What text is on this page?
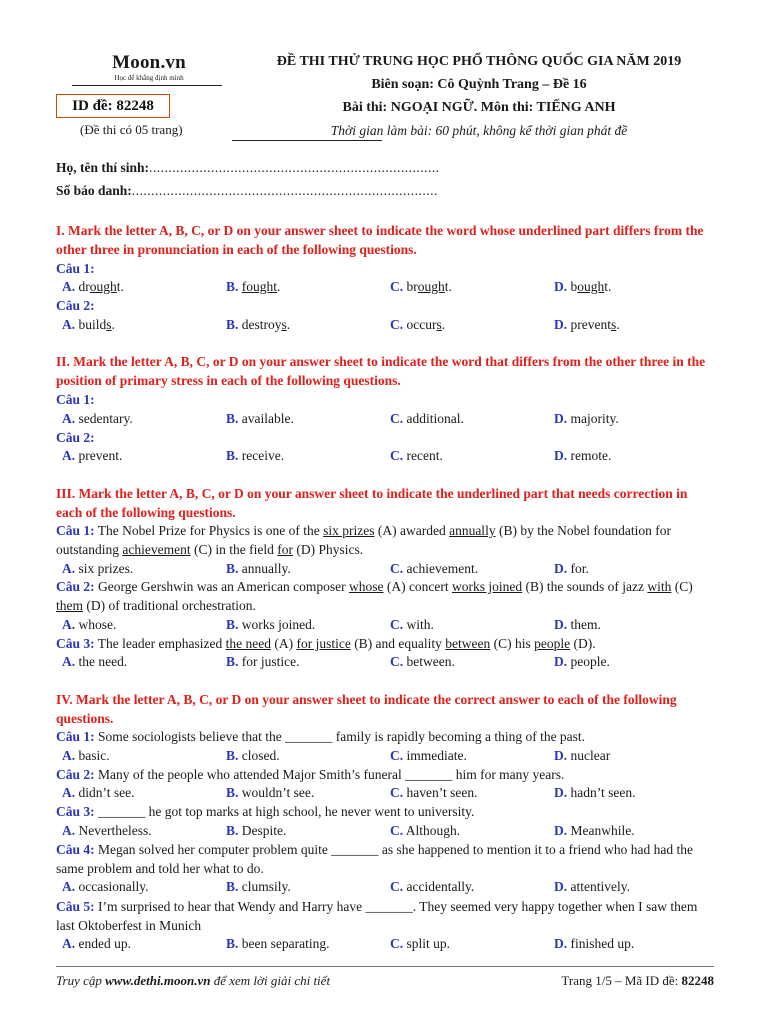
Moon.vn
Học để khẳng định mình
ID đề: 82248
(Đề thi có 05 trang)
ĐỀ THI THỬ TRUNG HỌC PHỔ THÔNG QUỐC GIA NĂM 2019
Biên soạn: Cô Quỳnh Trang – Đề 16
Bài thi: NGOẠI NGỮ. Môn thi: TIẾNG ANH
Thời gian làm bài: 60 phút, không kể thời gian phát đề
Họ, tên thí sinh:...........................................................................
Số báo danh:...............................................................................
I. Mark the letter A, B, C, or D on your answer sheet to indicate the word whose underlined part differs from the other three in pronunciation in each of the following questions.
Câu 1:
A. drought.	B. fought.	C. brought.	D. bought.
Câu 2:
A. builds.	B. destroys.	C. occurs.	D. prevents.
II. Mark the letter A, B, C, or D on your answer sheet to indicate the word that differs from the other three in the position of primary stress in each of the following questions.
Câu 1:
A. sedentary.	B. available.	C. additional.	D. majority.
Câu 2:
A. prevent.	B. receive.	C. recent.	D. remote.
III. Mark the letter A, B, C, or D on your answer sheet to indicate the underlined part that needs correction in each of the following questions.
Câu 1: The Nobel Prize for Physics is one of the six prizes (A) awarded annually (B) by the Nobel foundation for outstanding achievement (C) in the field for (D) Physics.
A. six prizes.	B. annually.	C. achievement.	D. for.
Câu 2: George Gershwin was an American composer whose (A) concert works joined (B) the sounds of jazz with (C) them (D) of traditional orchestration.
A. whose.	B. works joined.	C. with.	D. them.
Câu 3: The leader emphasized the need (A) for justice (B) and equality between (C) his people (D).
A. the need.	B. for justice.	C. between.	D. people.
IV. Mark the letter A, B, C, or D on your answer sheet to indicate the correct answer to each of the following questions.
Câu 1: Some sociologists believe that the _______ family is rapidly becoming a thing of the past.
A. basic.	B. closed.	C. immediate.	D. nuclear
Câu 2: Many of the people who attended Major Smith’s funeral _______ him for many years.
A. didn’t see.	B. wouldn’t see.	C. haven’t seen.	D. hadn’t seen.
Câu 3: _______ he got top marks at high school, he never went to university.
A. Nevertheless.	B. Despite.	C. Although.	D. Meanwhile.
Câu 4: Megan solved her computer problem quite _______ as she happened to mention it to a friend who had had the same problem and told her what to do.
A. occasionally.	B. clumsily.	C. accidentally.	D. attentively.
Câu 5: I’m surprised to hear that Wendy and Harry have _______. They seemed very happy together when I saw them last Oktoberfest in Munich
A. ended up.	B. been separating.	C. split up.	D. finished up.
Truy cập www.dethi.moon.vn để xem lời giải chi tiết	Trang 1/5 – Mã ID đề: 82248
